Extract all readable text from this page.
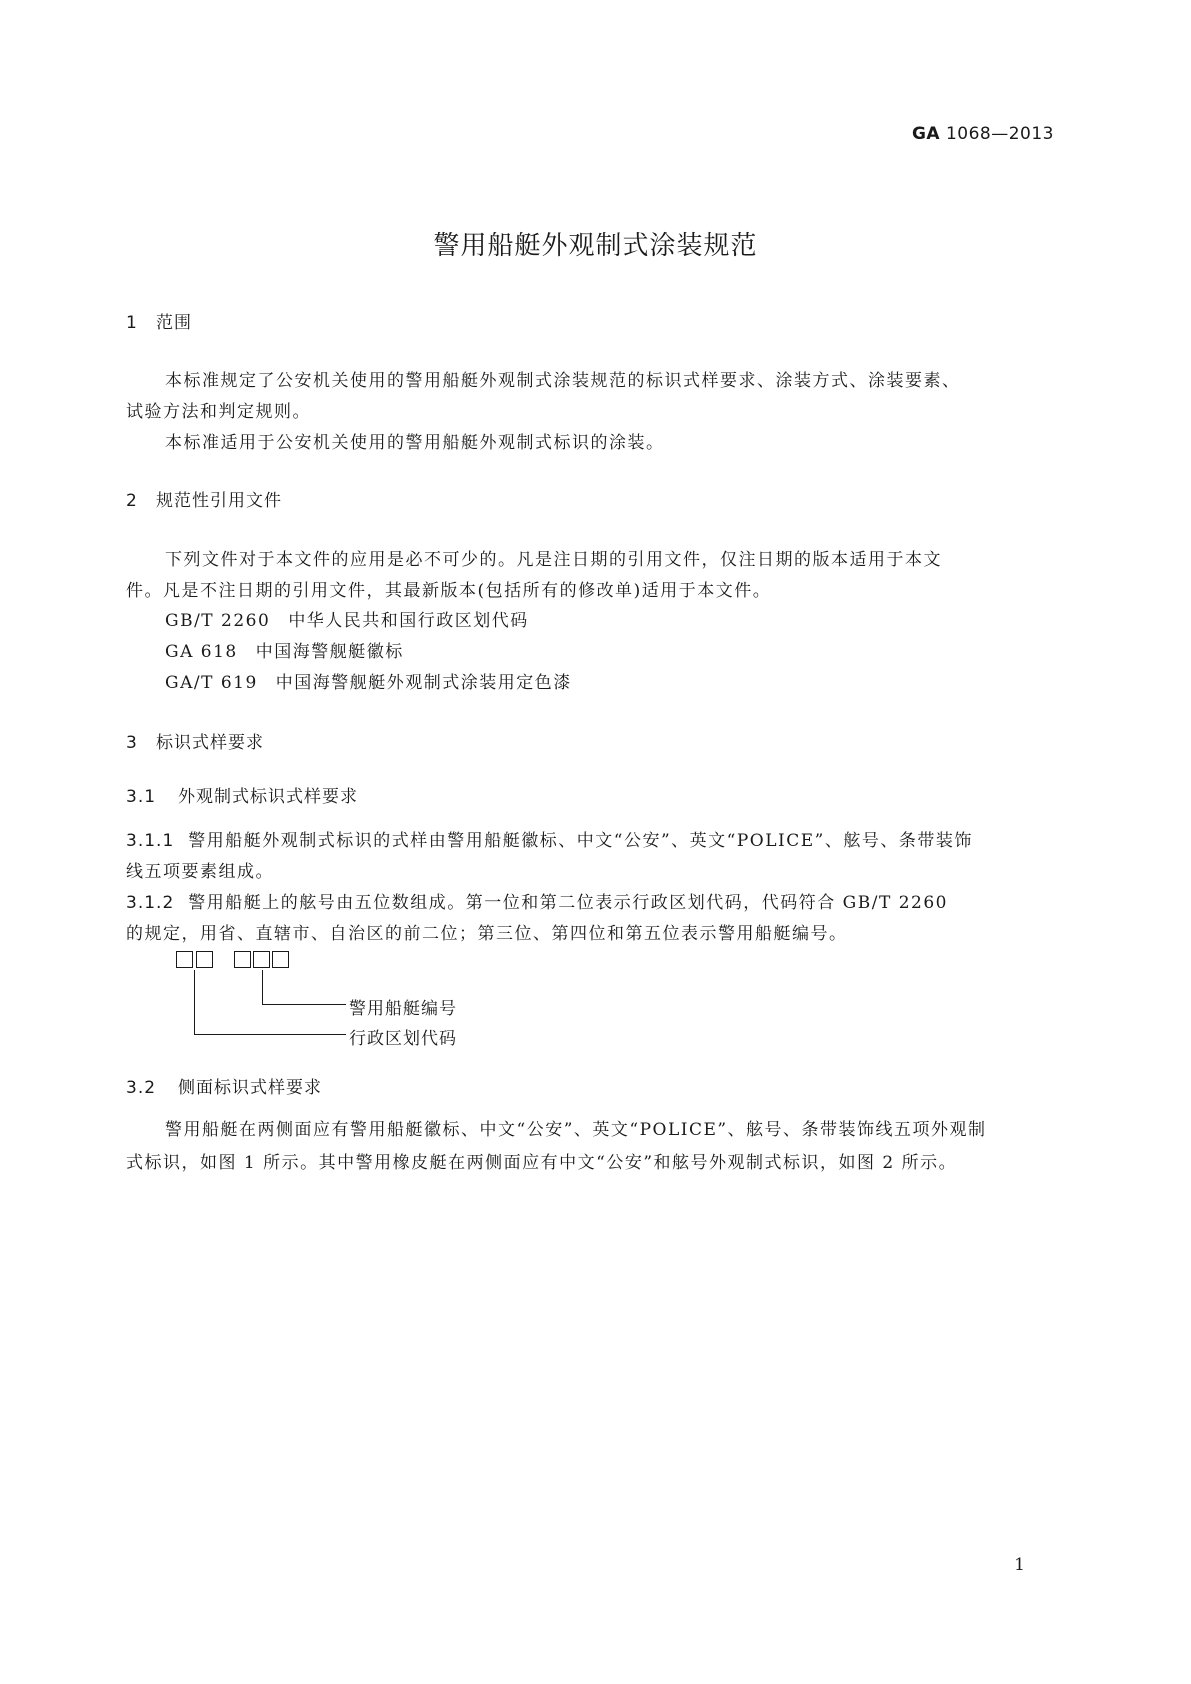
GA 1068—2013
警用船艇外观制式涂装规范
1 范围
本标准规定了公安机关使用的警用船艇外观制式涂装规范的标识式样要求、涂装方式、涂装要素、
试验方法和判定规则。
本标准适用于公安机关使用的警用船艇外观制式标识的涂装。
2 规范性引用文件
下列文件对于本文件的应用是必不可少的。凡是注日期的引用文件，仅注日期的版本适用于本文
件。凡是不注日期的引用文件，其最新版本(包括所有的修改单)适用于本文件。
GB/T 2260 中华人民共和国行政区划代码
GA 618 中国海警舰艇徽标
GA/T 619 中国海警舰艇外观制式涂装用定色漆
3 标识式样要求
3.1 外观制式标识式样要求
3.1.1 警用船艇外观制式标识的式样由警用船艇徽标、中文“公安”、英文“POLICE”、舷号、条带装饰
线五项要素组成。
3.1.2 警用船艇上的舷号由五位数组成。第一位和第二位表示行政区划代码，代码符合 GB/T 2260
的规定，用省、直辖市、自治区的前二位；第三位、第四位和第五位表示警用船艇编号。
警用船艇编号
行政区划代码
3.2 侧面标识式样要求
警用船艇在两侧面应有警用船艇徽标、中文“公安”、英文“POLICE”、舷号、条带装饰线五项外观制
式标识，如图 1 所示。其中警用橡皮艇在两侧面应有中文“公安”和舷号外观制式标识，如图 2 所示。
1
